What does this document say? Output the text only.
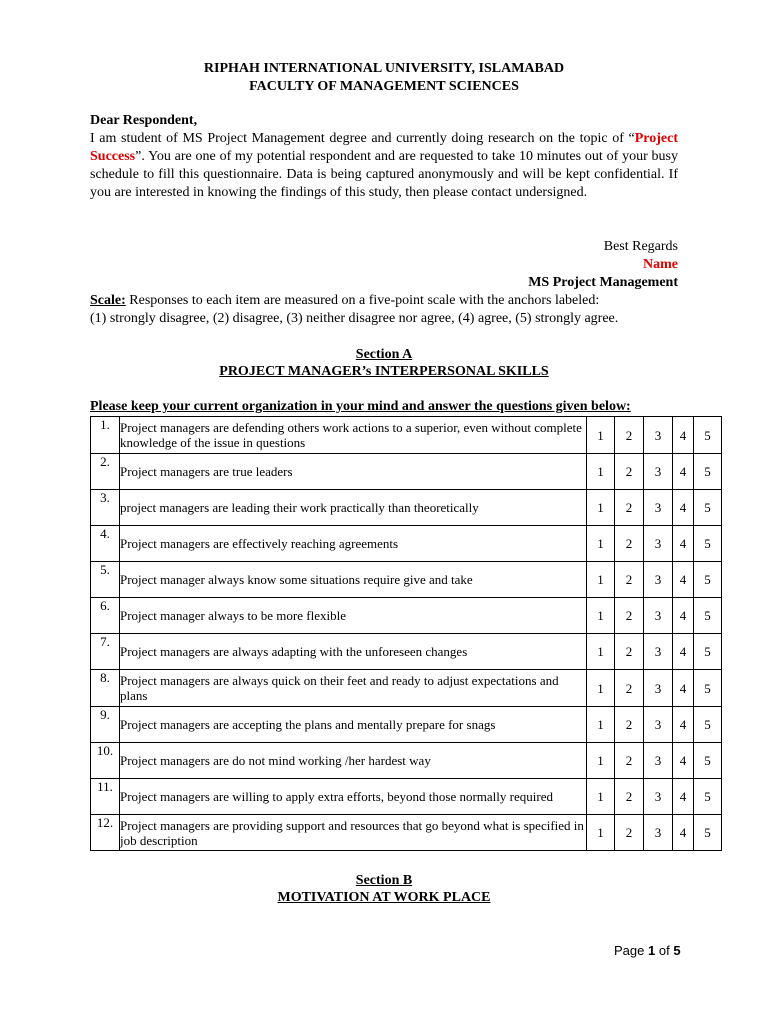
RIPHAH INTERNATIONAL UNIVERSITY, ISLAMABAD
FACULTY OF MANAGEMENT SCIENCES
Dear Respondent,

I am student of MS Project Management degree and currently doing research on the topic of “Project Success”. You are one of my potential respondent and are requested to take 10 minutes out of your busy schedule to fill this questionnaire. Data is being captured anonymously and will be kept confidential. If you are interested in knowing the findings of this study, then please contact undersigned.

Best Regards
Name
MS Project Management
Scale: Responses to each item are measured on a five-point scale with the anchors labeled:
(1) strongly disagree, (2) disagree, (3) neither disagree nor agree, (4) agree, (5) strongly agree.
Section A
PROJECT MANAGER’s INTERPERSONAL SKILLS
Please keep your current organization in your mind and answer the questions given below:
1.	Project managers are defending others work actions to a superior, even without complete knowledge of the issue in questions	1	2	3	4	5
2.	Project managers are true leaders	1	2	3	4	5
3.	project managers are leading their work practically than theoretically	1	2	3	4	5
4.	Project managers are effectively reaching agreements	1	2	3	4	5
5.	Project manager always know some situations require give and take	1	2	3	4	5
6.	Project manager always to be more flexible	1	2	3	4	5
7.	Project managers are always adapting with the unforeseen changes	1	2	3	4	5
8.	Project managers are always quick on their feet and ready to adjust expectations and plans	1	2	3	4	5
9.	Project managers are accepting the plans and mentally prepare for snags	1	2	3	4	5
10.	Project managers are do not mind working /her hardest way	1	2	3	4	5
11.	Project managers are willing to apply extra efforts, beyond those normally required	1	2	3	4	5
12.	Project managers are providing support and resources that go beyond what is specified in job description	1	2	3	4	5
Section B
MOTIVATION AT WORK PLACE
Page 1 of 5
